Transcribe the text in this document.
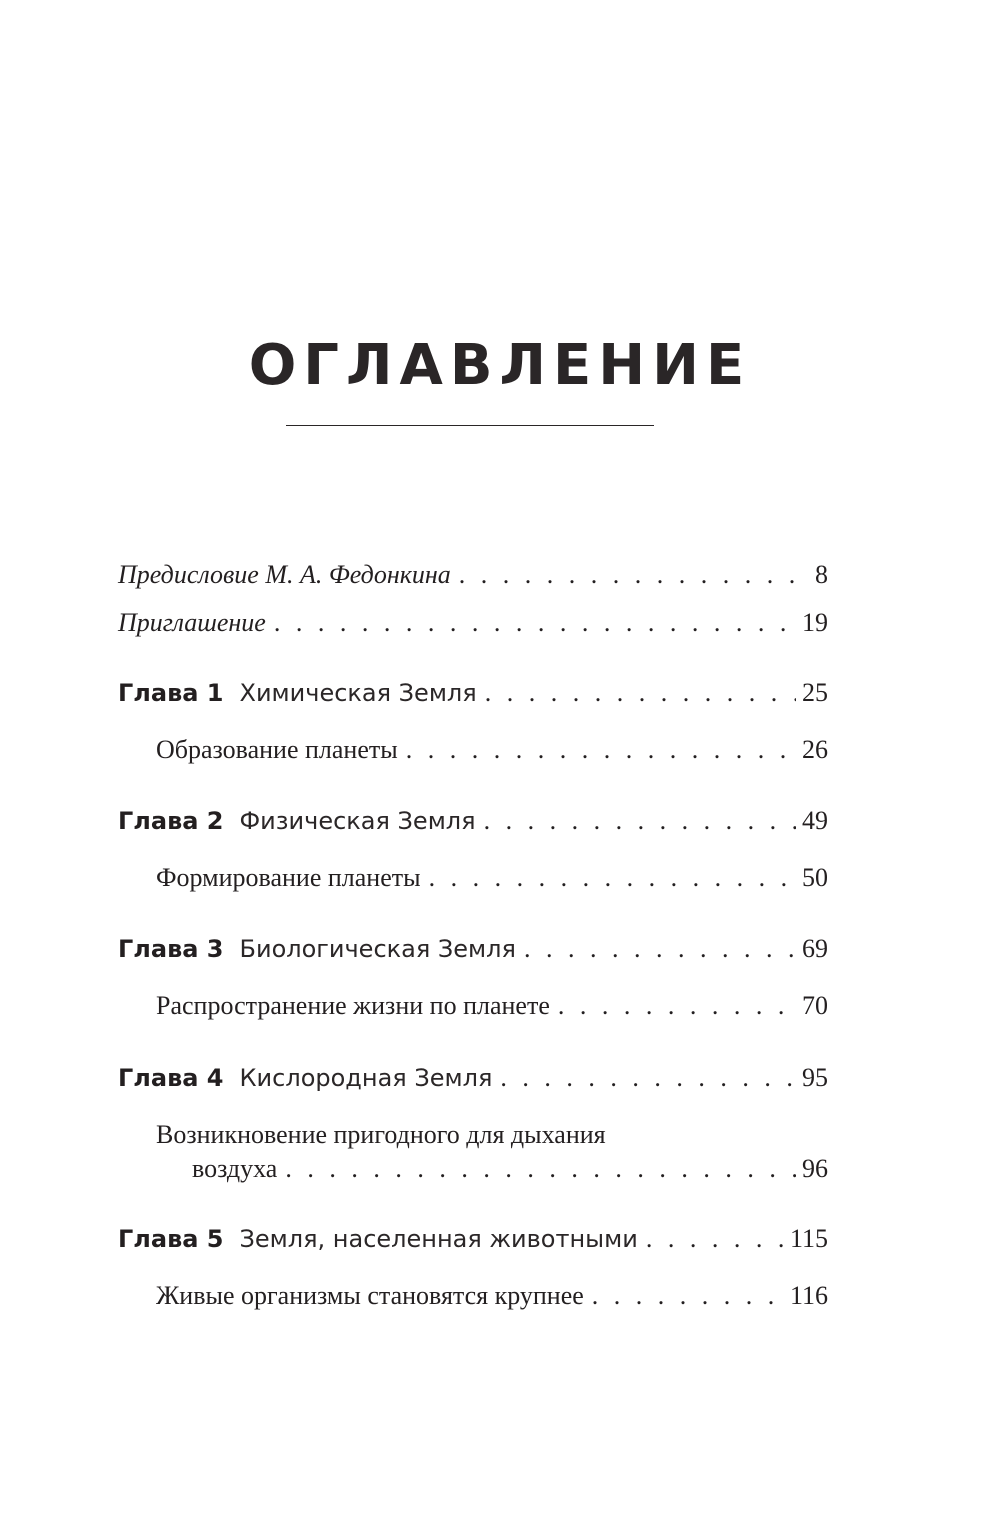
ОГЛАВЛЕНИЕ
Предисловие М. А. Федонкина . . .	8
Приглашение . . .	19
Глава 1 Химическая Земля . . .	25
Образование планеты . . .	26
Глава 2 Физическая Земля . . .	49
Формирование планеты . . .	50
Глава 3 Биологическая Земля . . .	69
Распространение жизни по планете . . .	70
Глава 4 Кислородная Земля . . .	95
Возникновение пригодного для дыхания
воздуха . . .	96
Глава 5 Земля, населенная животными . . .	115
Живые организмы становятся крупнее . . .	116
